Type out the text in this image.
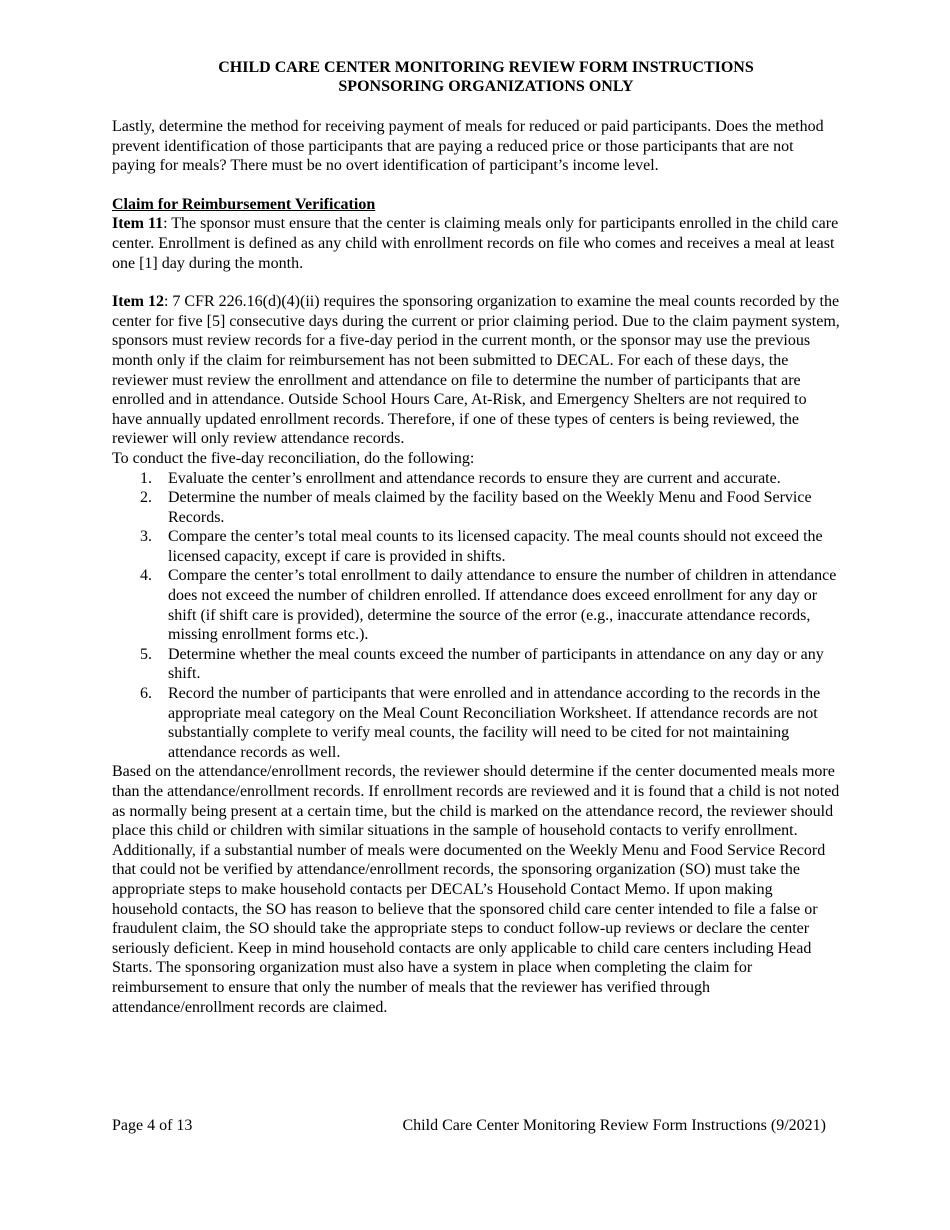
CHILD CARE CENTER MONITORING REVIEW FORM INSTRUCTIONS
SPONSORING ORGANIZATIONS ONLY

Lastly, determine the method for receiving payment of meals for reduced or paid participants. Does the method prevent identification of those participants that are paying a reduced price or those participants that are not paying for meals? There must be no overt identification of participant’s income level.

Claim for Reimbursement Verification

Item 11: The sponsor must ensure that the center is claiming meals only for participants enrolled in the child care center. Enrollment is defined as any child with enrollment records on file who comes and receives a meal at least one [1] day during the month.

Item 12: 7 CFR 226.16(d)(4)(ii) requires the sponsoring organization to examine the meal counts recorded by the center for five [5] consecutive days during the current or prior claiming period. Due to the claim payment system, sponsors must review records for a five-day period in the current month, or the sponsor may use the previous month only if the claim for reimbursement has not been submitted to DECAL. For each of these days, the reviewer must review the enrollment and attendance on file to determine the number of participants that are enrolled and in attendance. Outside School Hours Care, At-Risk, and Emergency Shelters are not required to have annually updated enrollment records. Therefore, if one of these types of centers is being reviewed, the reviewer will only review attendance records.

To conduct the five-day reconciliation, do the following:

1.	Evaluate the center’s enrollment and attendance records to ensure they are current and accurate.
2.	Determine the number of meals claimed by the facility based on the Weekly Menu and Food Service Records.
3.	Compare the center’s total meal counts to its licensed capacity. The meal counts should not exceed the licensed capacity, except if care is provided in shifts.
4.	Compare the center’s total enrollment to daily attendance to ensure the number of children in attendance does not exceed the number of children enrolled. If attendance does exceed enrollment for any day or shift (if shift care is provided), determine the source of the error (e.g., inaccurate attendance records, missing enrollment forms etc.).
5.	Determine whether the meal counts exceed the number of participants in attendance on any day or any shift.
6.	Record the number of participants that were enrolled and in attendance according to the records in the appropriate meal category on the Meal Count Reconciliation Worksheet. If attendance records are not substantially complete to verify meal counts, the facility will need to be cited for not maintaining attendance records as well.

Based on the attendance/enrollment records, the reviewer should determine if the center documented meals more than the attendance/enrollment records. If enrollment records are reviewed and it is found that a child is not noted as normally being present at a certain time, but the child is marked on the attendance record, the reviewer should place this child or children with similar situations in the sample of household contacts to verify enrollment. Additionally, if a substantial number of meals were documented on the Weekly Menu and Food Service Record that could not be verified by attendance/enrollment records, the sponsoring organization (SO) must take the appropriate steps to make household contacts per DECAL’s Household Contact Memo. If upon making household contacts, the SO has reason to believe that the sponsored child care center intended to file a false or fraudulent claim, the SO should take the appropriate steps to conduct follow-up reviews or declare the center seriously deficient. Keep in mind household contacts are only applicable to child care centers including Head Starts. The sponsoring organization must also have a system in place when completing the claim for reimbursement to ensure that only the number of meals that the reviewer has verified through attendance/enrollment records are claimed.

Page 4 of 13	Child Care Center Monitoring Review Form Instructions (9/2021)
